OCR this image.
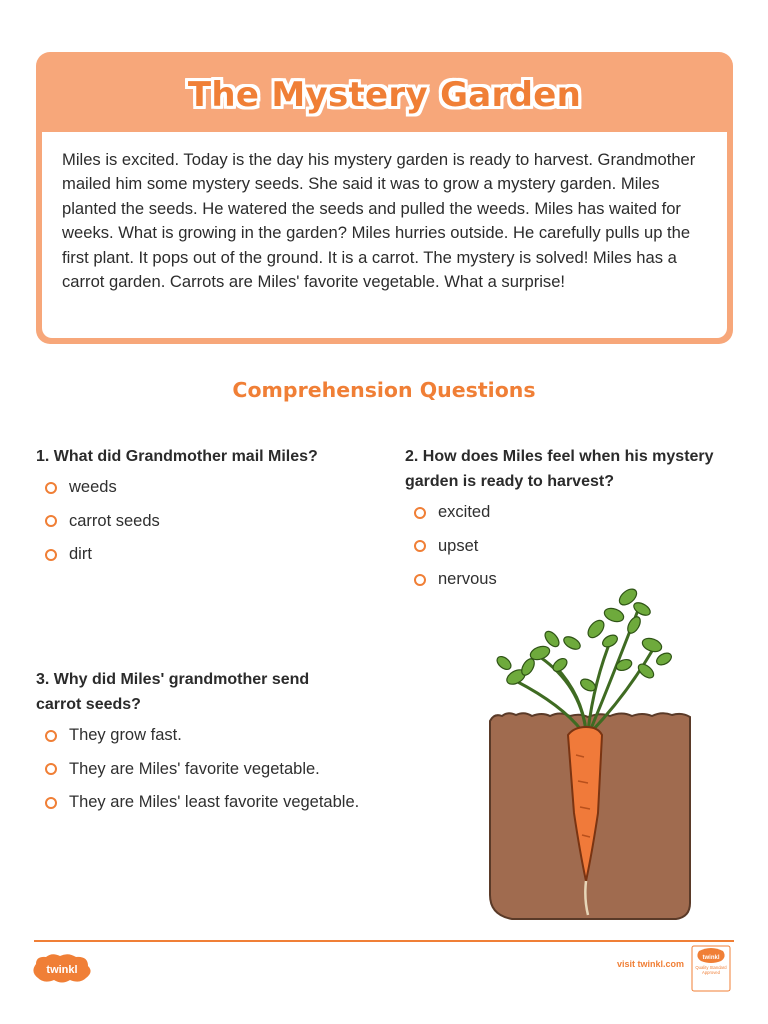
The Mystery Garden
Miles is excited. Today is the day his mystery garden is ready to harvest. Grandmother mailed him some mystery seeds. She said it was to grow a mystery garden. Miles planted the seeds. He watered the seeds and pulled the weeds. Miles has waited for weeks. What is growing in the garden? Miles hurries outside. He carefully pulls up the first plant. It pops out of the ground. It is a carrot. The mystery is solved! Miles has a carrot garden. Carrots are Miles' favorite vegetable. What a surprise!
Comprehension Questions
1. What did Grandmother mail Miles?
weeds
carrot seeds
dirt
2. How does Miles feel when his mystery garden is ready to harvest?
excited
upset
nervous
3. Why did Miles' grandmother send carrot seeds?
They grow fast.
They are Miles' favorite vegetable.
They are Miles' least favorite vegetable.
twinkl	visit twinkl.com
twinkl
Quality Standard Approved
